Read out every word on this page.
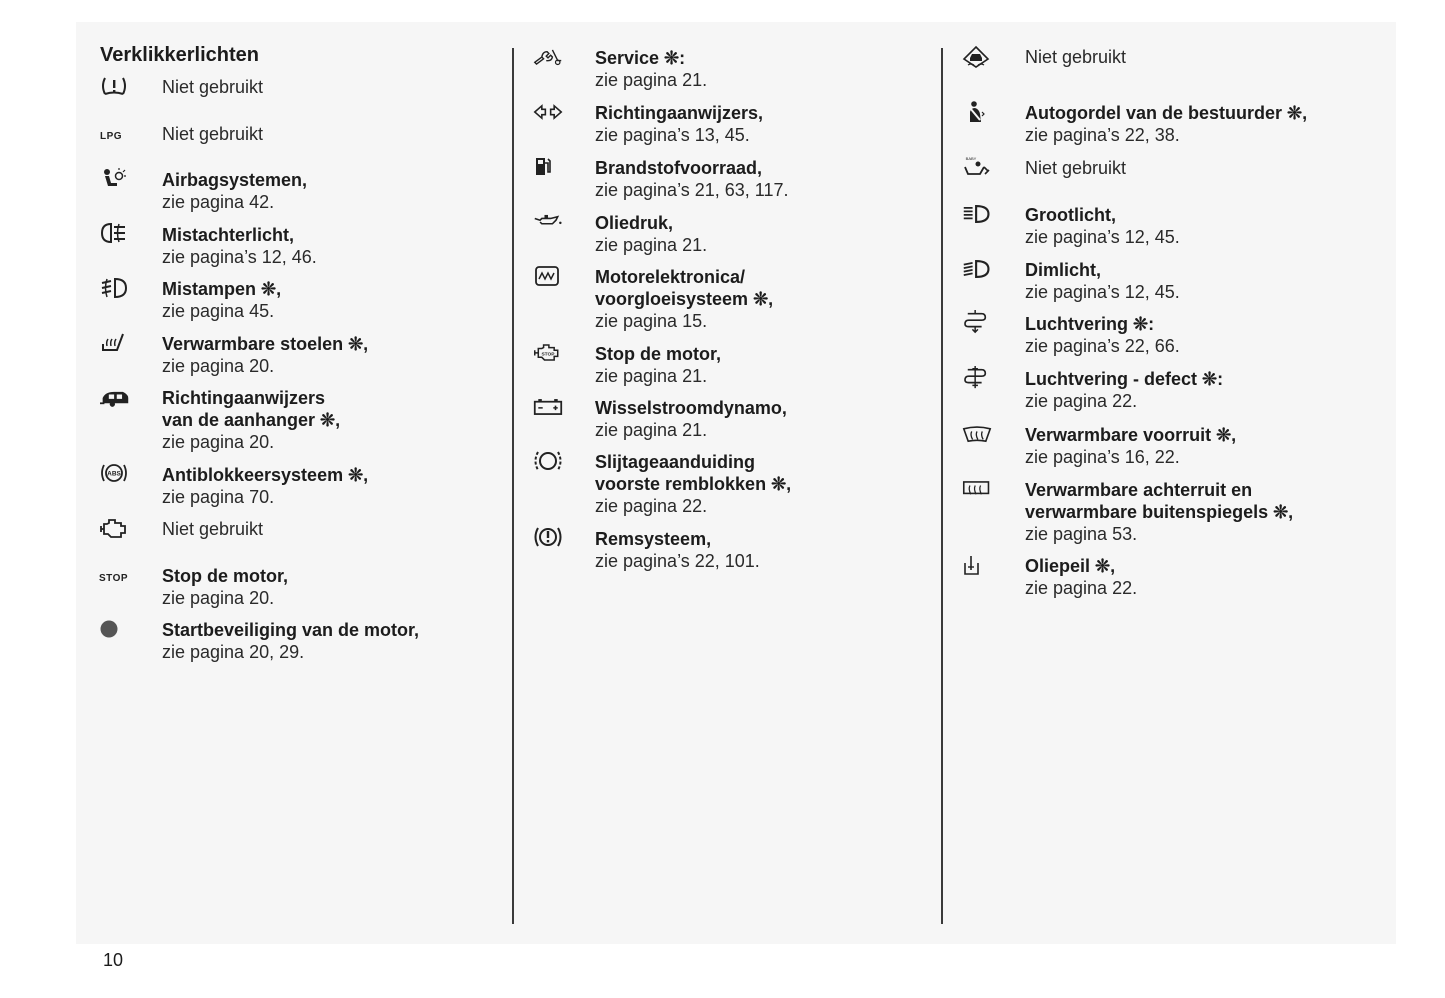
Verklikkerlichten
Niet gebruikt
LPG Niet gebruikt
Airbagsystemen,
zie pagina 42.
Mistachterlicht,
zie pagina’s 12, 46.
Mistampen ❊,
zie pagina 45.
Verwarmbare stoelen ❊,
zie pagina 20.
Richtingaanwijzers
van de aanhanger ❊,
zie pagina 20.
ABS Antiblokkeersysteem ❊,
zie pagina 70.
Niet gebruikt
STOP Stop de motor,
zie pagina 20.
Startbeveiliging van de motor,
zie pagina 20, 29.
Service ❊:
zie pagina 21.
Richtingaanwijzers,
zie pagina’s 13, 45.
Brandstofvoorraad,
zie pagina’s 21, 63, 117.
Oliedruk,
zie pagina 21.
Motorelektronica/
voorgloeisysteem ❊,
zie pagina 15.
STOP Stop de motor,
zie pagina 21.
Wisselstroomdynamo,
zie pagina 21.
Slijtageaanduiding
voorste remblokken ❊,
zie pagina 22.
Remsysteem,
zie pagina’s 22, 101.
Niet gebruikt
Autogordel van de bestuurder ❊,
zie pagina’s 22, 38.
BABY	Niet gebruikt
Grootlicht,
zie pagina’s 12, 45.
Dimlicht,
zie pagina’s 12, 45.
Luchtvering ❊:
zie pagina’s 22, 66.
Luchtvering - defect ❊:
zie pagina 22.
Verwarmbare voorruit ❊,
zie pagina’s 16, 22.
Verwarmbare achterruit en
verwarmbare buitenspiegels ❊,
zie pagina 53.
Oliepeil ❊,
zie pagina 22.
10
